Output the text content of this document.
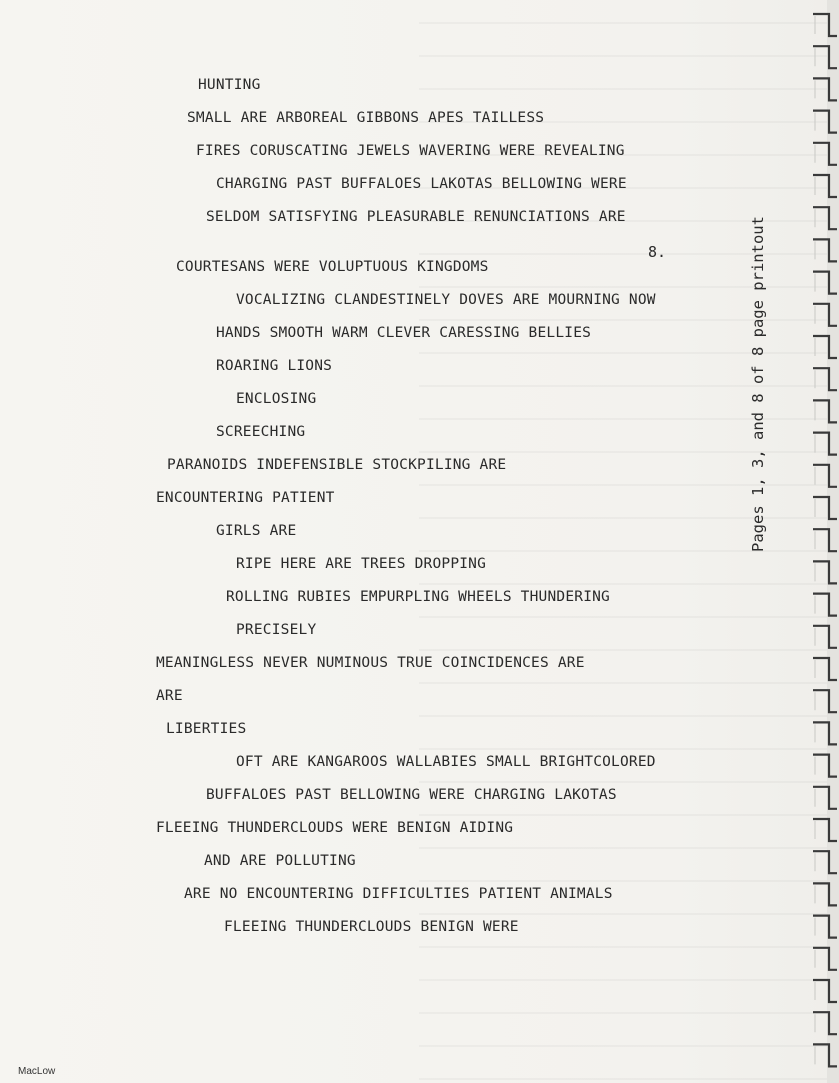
HUNTING
SMALL ARE ARBOREAL GIBBONS APES TAILLESS
FIRES CORUSCATING JEWELS WAVERING WERE REVEALING
CHARGING PAST BUFFALOES LAKOTAS BELLOWING WERE
SELDOM SATISFYING PLEASURABLE RENUNCIATIONS ARE
COURTESANS WERE VOLUPTUOUS KINGDOMS
VOCALIZING CLANDESTINELY DOVES ARE MOURNING NOW
HANDS SMOOTH WARM CLEVER CARESSING BELLIES
ROARING LIONS
ENCLOSING
SCREECHING
PARANOIDS INDEFENSIBLE STOCKPILING ARE
ENCOUNTERING PATIENT
GIRLS ARE
RIPE HERE ARE TREES DROPPING
ROLLING RUBIES EMPURPLING WHEELS THUNDERING
PRECISELY
MEANINGLESS NEVER NUMINOUS TRUE COINCIDENCES ARE
ARE
LIBERTIES
OFT ARE KANGAROOS WALLABIES SMALL BRIGHTCOLORED
BUFFALOES PAST BELLOWING WERE CHARGING LAKOTAS
FLEEING THUNDERCLOUDS WERE BENIGN AIDING
AND ARE POLLUTING
ARE NO ENCOUNTERING DIFFICULTIES PATIENT ANIMALS
FLEEING THUNDERCLOUDS BENIGN WERE
8.	Pages 1, 3, and 8 of 8 page printout
MacLow
